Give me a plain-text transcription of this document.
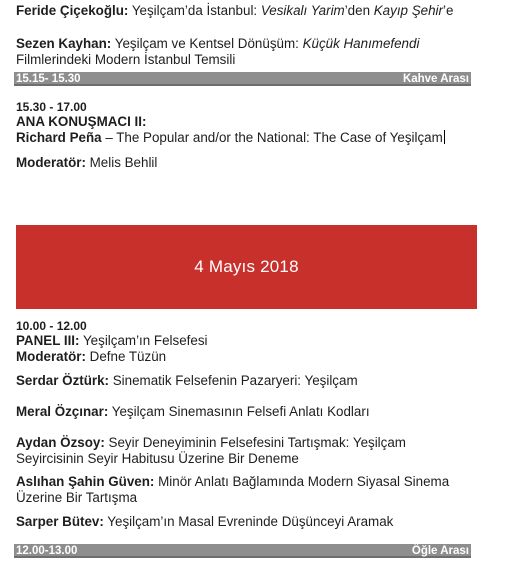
Feride Çiçekoğlu: Yeşilçam’da İstanbul: Vesikalı Yarim’den Kayıp Şehir’e
Sezen Kayhan: Yeşilçam ve Kentsel Dönüşüm: Küçük Hanımefendi
Filmlerindeki Modern İstanbul Temsili
15.15- 15.30	Kahve Arası
15.30 - 17.00
ANA KONUŞMACI II:
Richard Peña – The Popular and/or the National: The Case of Yeşilçam
Moderatör: Melis Behlil
4 Mayıs 2018
10.00 - 12.00
PANEL III: Yeşilçam’ın Felsefesi
Moderatör: Defne Tüzün
Serdar Öztürk: Sinematik Felsefenin Pazaryeri: Yeşilçam
Meral Özçınar: Yeşilçam Sinemasının Felsefi Anlatı Kodları
Aydan Özsoy: Seyir Deneyiminin Felsefesini Tartışmak: Yeşilçam
Seyircisinin Seyir Habitusu Üzerine Bir Deneme
Aslıhan Şahin Güven: Minör Anlatı Bağlamında Modern Siyasal Sinema
Üzerine Bir Tartışma
Sarper Bütev: Yeşilçam’ın Masal Evreninde Düşünceyi Aramak
12.00-13.00	Öğle Arası
